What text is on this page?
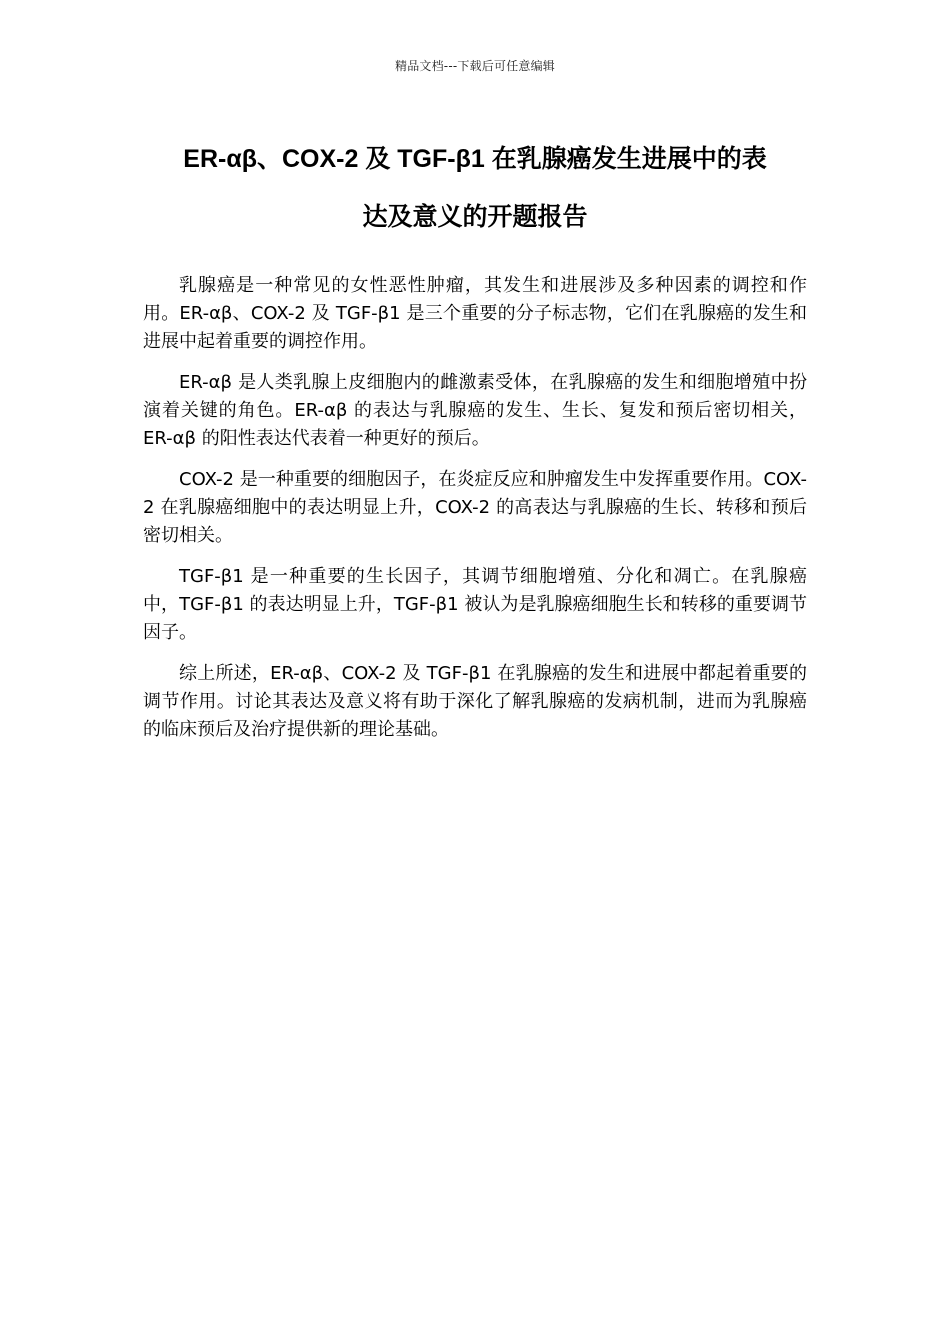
精品文档---下载后可任意编辑
ER-αβ、COX-2 及 TGF-β1 在乳腺癌发生进展中的表
达及意义的开题报告

乳腺癌是一种常见的女性恶性肿瘤，其发生和进展涉及多种因素的调控和作用。ER-αβ、COX-2 及 TGF-β1 是三个重要的分子标志物，它们在乳腺癌的发生和进展中起着重要的调控作用。

ER-αβ 是人类乳腺上皮细胞内的雌激素受体，在乳腺癌的发生和细胞增殖中扮演着关键的角色。ER-αβ 的表达与乳腺癌的发生、生长、复发和预后密切相关，ER-αβ 的阳性表达代表着一种更好的预后。

COX-2 是一种重要的细胞因子，在炎症反应和肿瘤发生中发挥重要作用。COX-2 在乳腺癌细胞中的表达明显上升，COX-2 的高表达与乳腺癌的生长、转移和预后密切相关。

TGF-β1 是一种重要的生长因子，其调节细胞增殖、分化和凋亡。在乳腺癌中，TGF-β1 的表达明显上升，TGF-β1 被认为是乳腺癌细胞生长和转移的重要调节因子。

综上所述，ER-αβ、COX-2 及 TGF-β1 在乳腺癌的发生和进展中都起着重要的调节作用。讨论其表达及意义将有助于深化了解乳腺癌的发病机制，进而为乳腺癌的临床预后及治疗提供新的理论基础。
